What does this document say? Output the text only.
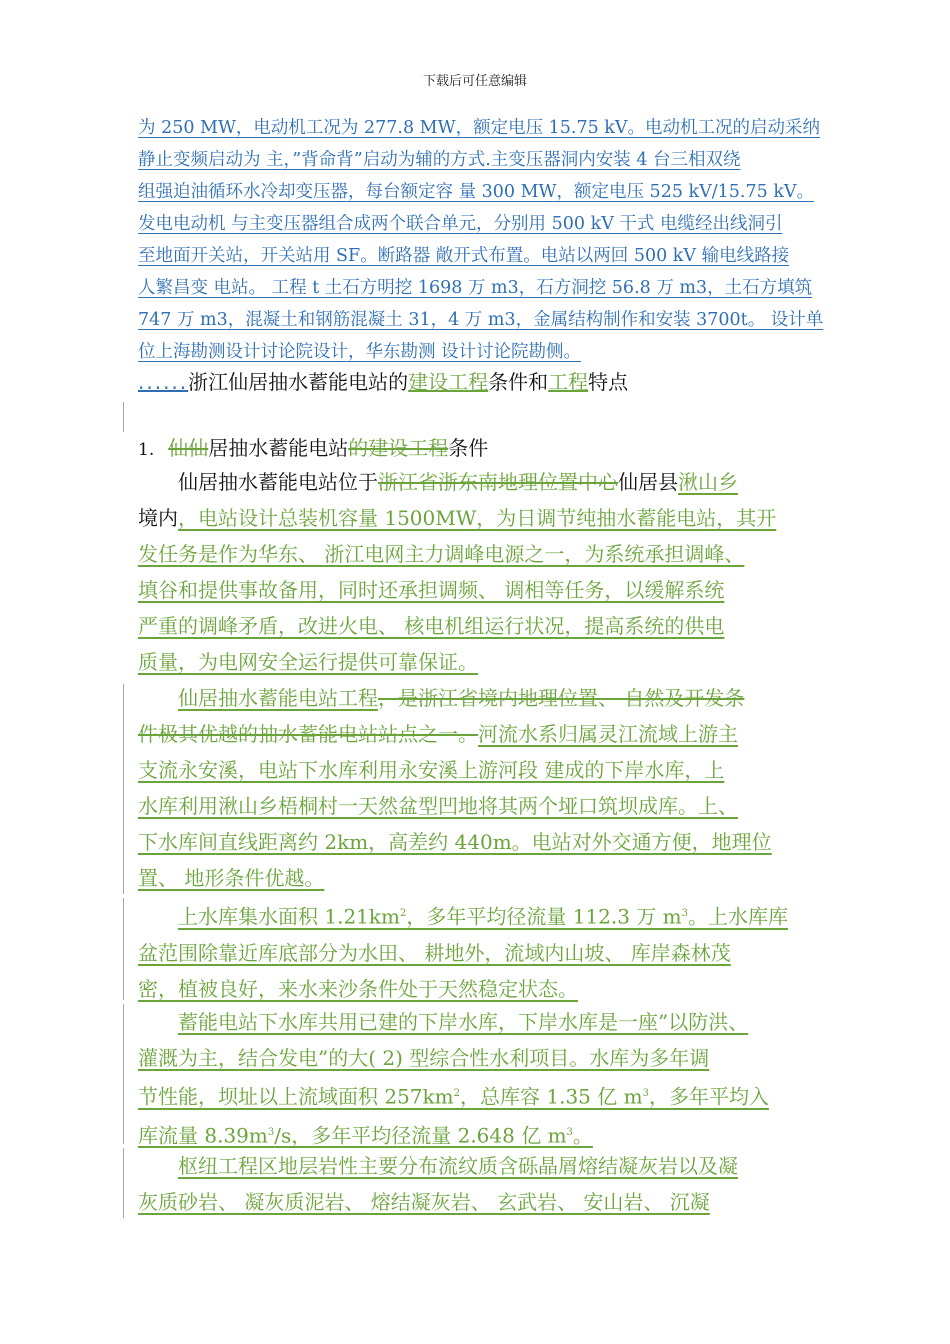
下载后可任意编辑
为 250 MW，电动机工况为 277.8 MW，额定电压 15.75 kV。电动机工况的启动采纳
静止变频启动为 主，”背命背”启动为辅的方式.主变压器洞内安装 4 台三相双绕
组强迫油循环水冷却变压器，每台额定容 量 300 MW，额定电压 525 kV/15.75 kV。
发电电动机 与主变压器组合成两个联合单元，分别用 500 kV 干式 电缆经出线洞引
至地面开关站，开关站用 SF。断路器 敞开式布置。电站以两回 500 kV 输电线路接
人繁昌变 电站。 工程 t 土石方明挖 1698 万 m3，石方洞挖 56.8 万 m3，土石方填筑
747 万 m3，混凝土和钢筋混凝土 31，4 万 m3，金属结构制作和安装 3700t。 设计单
位上海勘测设计讨论院设计，华东勘测 设计讨论院勘侧。
......浙江仙居抽水蓄能电站的建设工程条件和工程特点
1. 仙仙居抽水蓄能电站的建设工程条件
仙居抽水蓄能电站位于浙江省浙东南地理位置中心仙居县湫山乡
境内，电站设计总装机容量 1500MW，为日调节纯抽水蓄能电站，其开
发任务是作为华东、 浙江电网主力调峰电源之一，为系统承担调峰、
填谷和提供事故备用，同时还承担调频、 调相等任务，以缓解系统
严重的调峰矛盾，改进火电、 核电机组运行状况，提高系统的供电
质量，为电网安全运行提供可靠保证。
仙居抽水蓄能电站工程，是浙江省境内地理位置、 自然及开发条
件极其优越的抽水蓄能电站站点之一。河流水系归属灵江流域上游主
支流永安溪，电站下水库利用永安溪上游河段 建成的下岸水库，上
水库利用湫山乡梧桐村一天然盆型凹地将其两个垭口筑坝成库。上、
下水库间直线距离约 2km，高差约 440m。电站对外交通方便，地理位
置、 地形条件优越。
上水库集水面积 $1.21km^2$，多年平均径流量 112.3 万 $m^3$。上水库库
盆范围除靠近库底部分为水田、 耕地外，流域内山坡、 库岸森林茂
密，植被良好，来水来沙条件处于天然稳定状态。
蓄能电站下水库共用已建的下岸水库，下岸水库是一座”以防洪、
灌溉为主，结合发电”的大( 2) 型综合性水利项目。水库为多年调
节性能，坝址以上流域面积 $257km^2$，总库容 1.35 亿 $m^3$，多年平均入
库流量 $8.39m^3/s$，多年平均径流量 2.648 亿 $m^3$。
枢纽工程区地层岩性主要分布流纹质含砾晶屑熔结凝灰岩以及凝
灰质砂岩、 凝灰质泥岩、 熔结凝灰岩、 玄武岩、 安山岩、 沉凝
